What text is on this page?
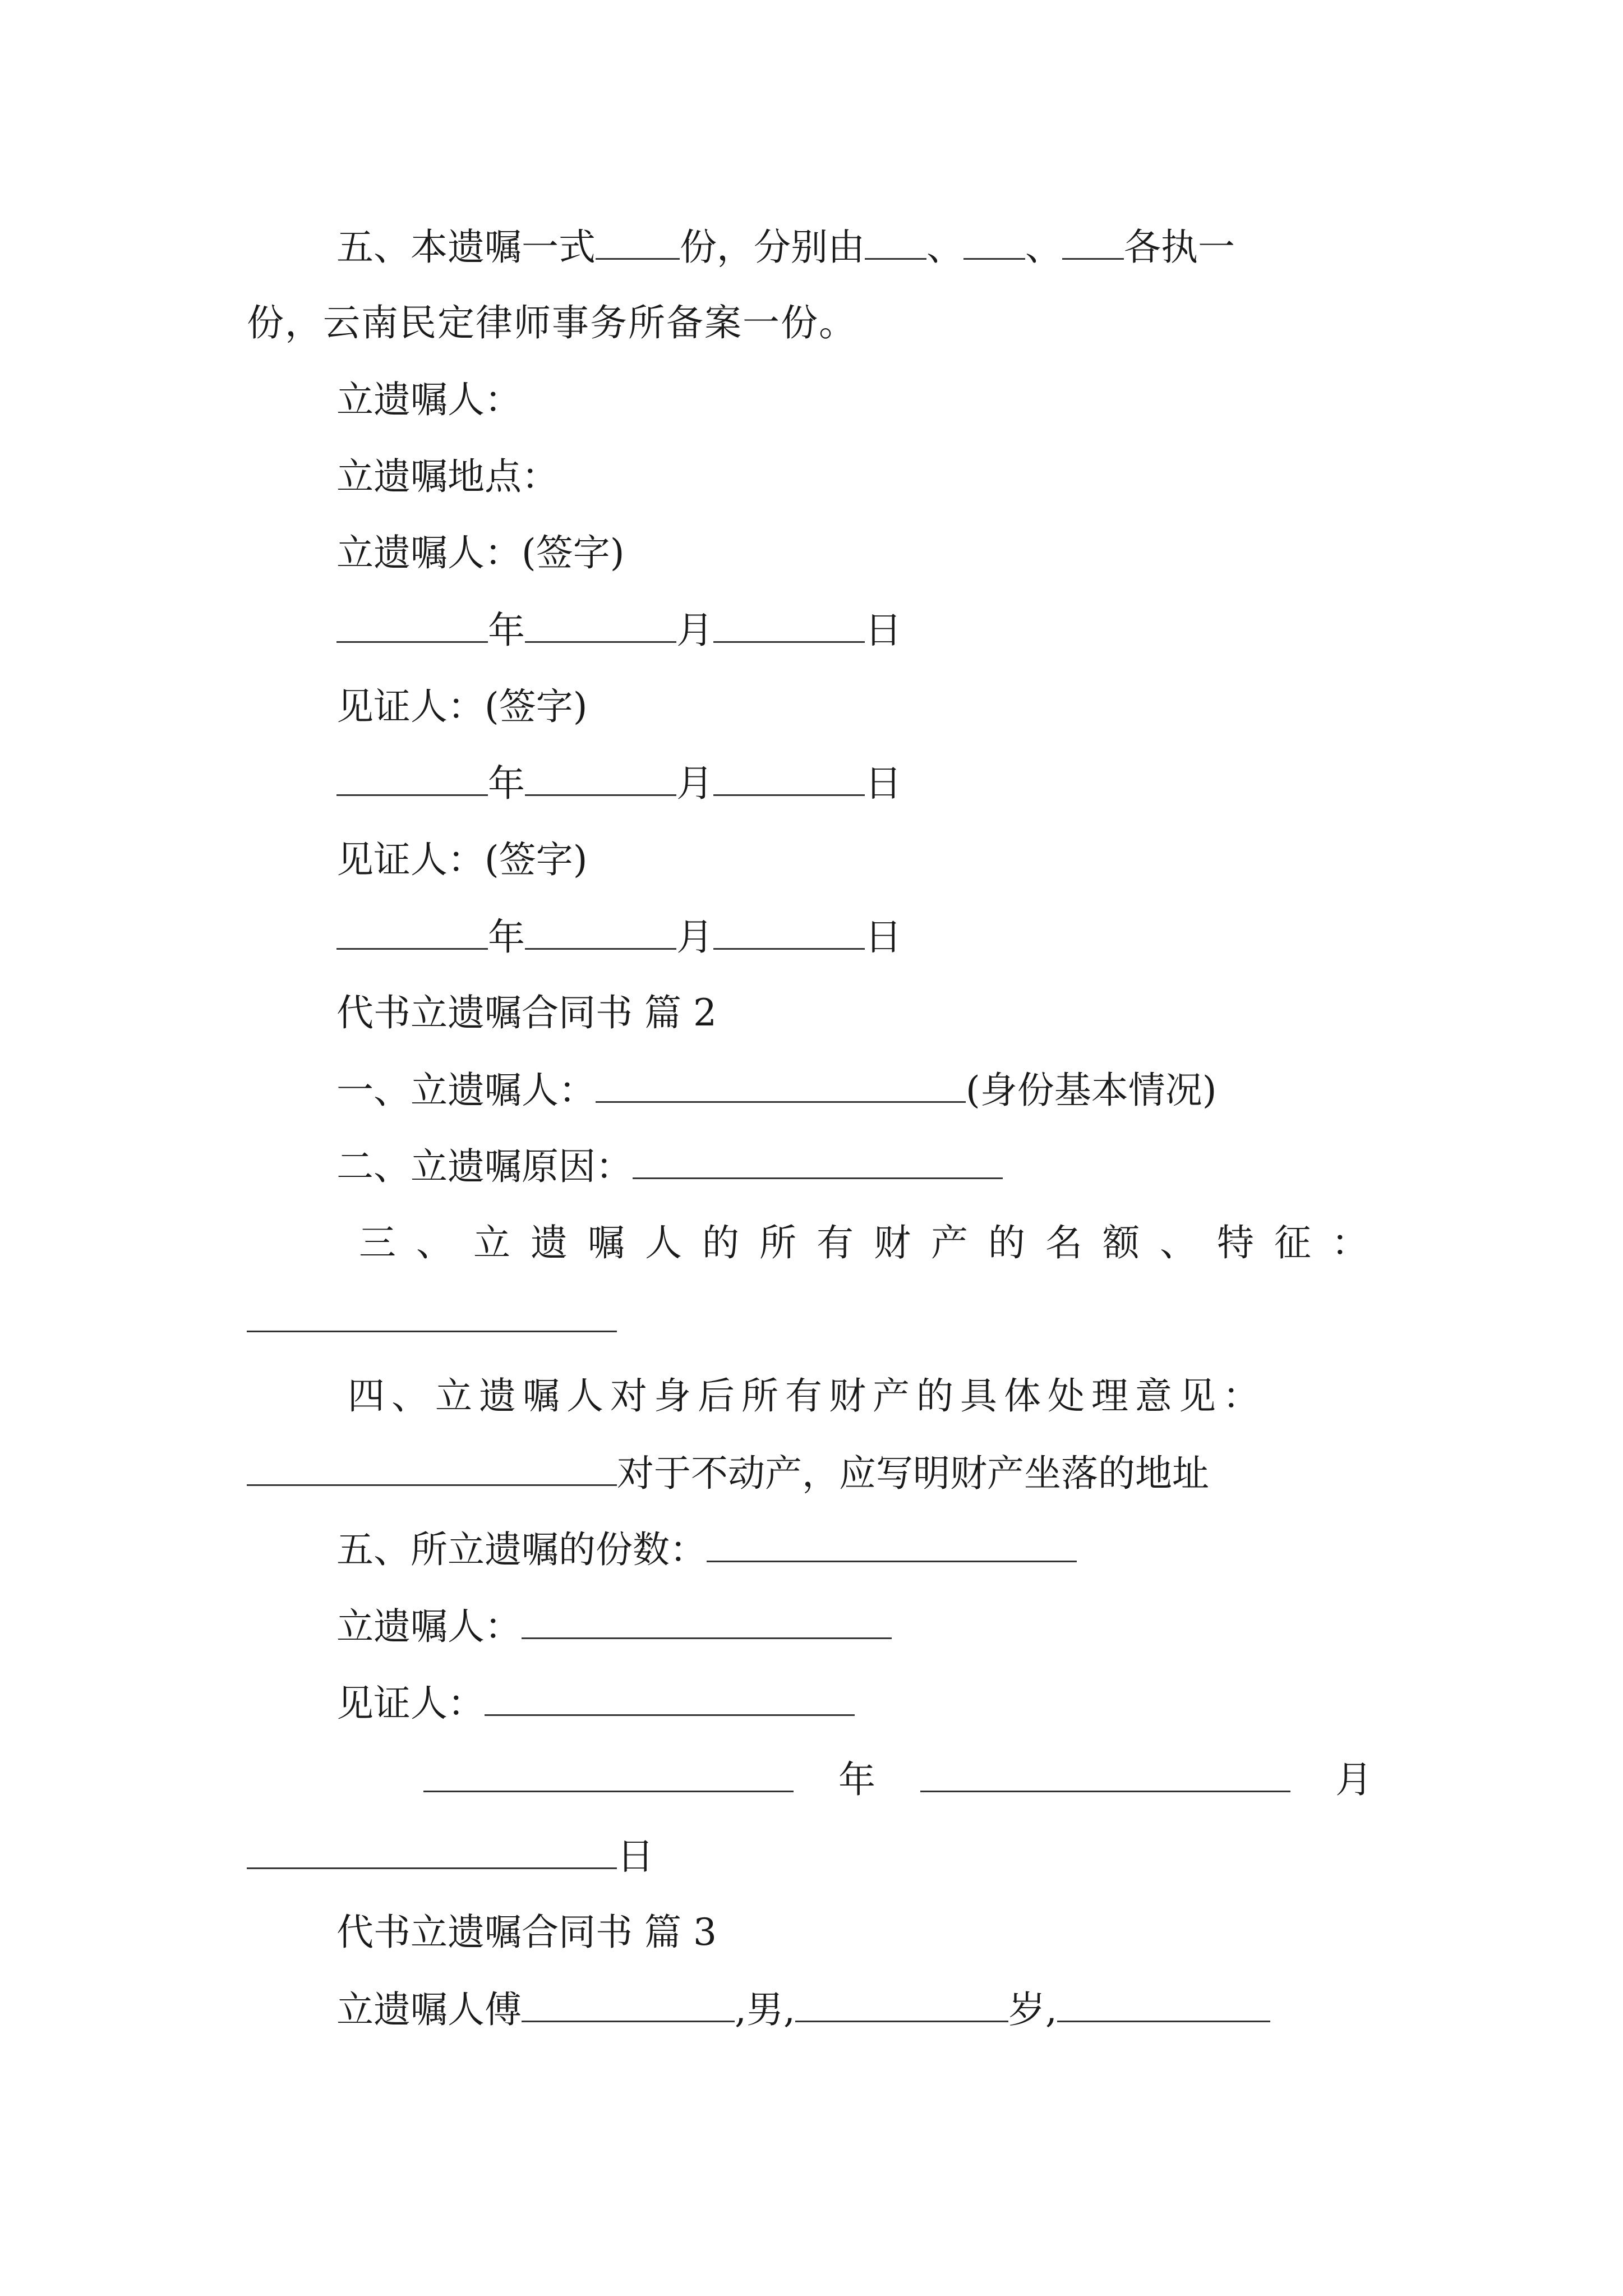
五、本遗嘱一式 份，分别由 、 、 各执一
份，云南民定律师事务所备案一份。
立遗嘱人：
立遗嘱地点：
立遗嘱人：(签字)
年	月	日
见证人：(签字)
年	月	日
见证人：(签字)
年	月	日
代书立遗嘱合同书 篇 2
一、立遗嘱人：	(身份基本情况)
二、立遗嘱原因：
三、立遗嘱人的所有财产的名额、特征：
四、立遗嘱人对身后所有财产的具体处理意见：
对于不动产，应写明财产坐落的地址
五、所立遗嘱的份数：
立遗嘱人：
见证人：
年	月
日
代书立遗嘱合同书 篇 3
立遗嘱人傅	,男,	岁,
